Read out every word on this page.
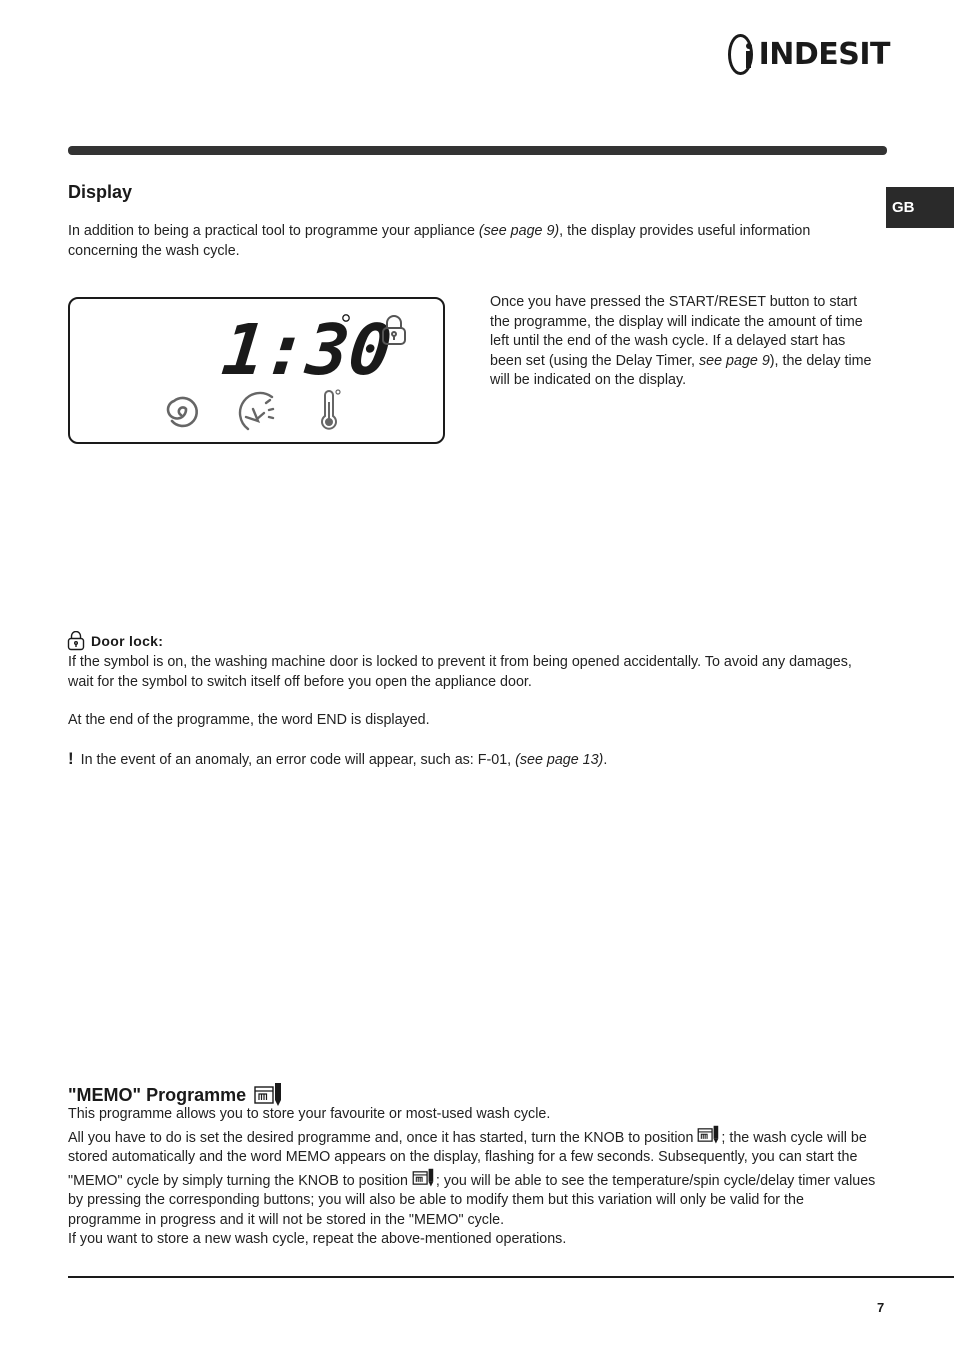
INDESIT
GB
Display

In addition to being a practical tool to programme your appliance (see page 9), the display provides useful information concerning the wash cycle.

1:30

Once you have pressed the START/RESET button to start the programme, the display will indicate the amount of time left until the end of the wash cycle. If a delayed start has been set (using the Delay Timer, see page 9), the delay time will be indicated on the display.

Door lock:

If the symbol is on, the washing machine door is locked to prevent it from being opened accidentally. To avoid any damages, wait for the symbol to switch itself off before you open the appliance door.

At the end of the programme, the word END is displayed.

! In the event of an anomaly, an error code will appear, such as: F-01, (see page 13).

"MEMO" Programme

This programme allows you to store your favourite or most-used wash cycle.
All you have to do is set the desired programme and, once it has started, turn the KNOB to position ; the wash cycle will be stored automatically and the word MEMO appears on the display, flashing for a few seconds. Subsequently, you can start the "MEMO" cycle by simply turning the KNOB to position ; you will be able to see the temperature/spin cycle/delay timer values by pressing the corresponding buttons; you will also be able to modify them but this variation will only be valid for the programme in progress and it will not be stored in the "MEMO" cycle.
If you want to store a new wash cycle, repeat the above-mentioned operations.

7
